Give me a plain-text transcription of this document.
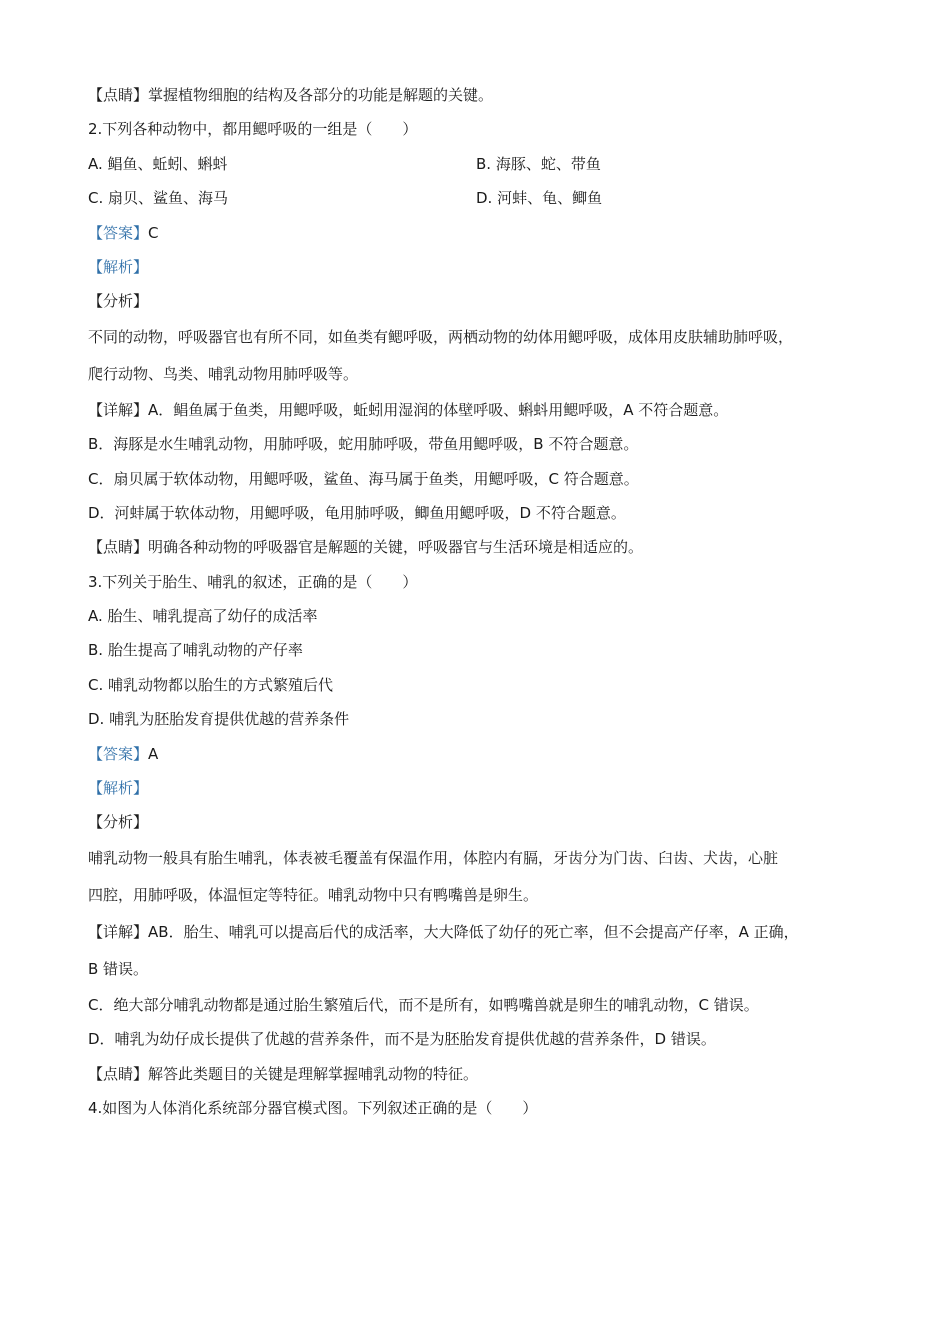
【点睛】掌握植物细胞的结构及各部分的功能是解题的关键。
2.下列各种动物中，都用鳃呼吸的一组是（　　）
A. 鲳鱼、蚯蚓、蝌蚪	B. 海豚、蛇、带鱼
C. 扇贝、鲨鱼、海马	D. 河蚌、龟、鲫鱼
【答案】C
【解析】
【分析】
不同的动物，呼吸器官也有所不同，如鱼类有鳃呼吸，两栖动物的幼体用鳃呼吸，成体用皮肤辅助肺呼吸，
爬行动物、鸟类、哺乳动物用肺呼吸等。
【详解】A．鲳鱼属于鱼类，用鳃呼吸，蚯蚓用湿润的体壁呼吸、蝌蚪用鳃呼吸，A 不符合题意。
B．海豚是水生哺乳动物，用肺呼吸，蛇用肺呼吸，带鱼用鳃呼吸，B 不符合题意。
C．扇贝属于软体动物，用鳃呼吸，鲨鱼、海马属于鱼类，用鳃呼吸，C 符合题意。
D．河蚌属于软体动物，用鳃呼吸，龟用肺呼吸，鲫鱼用鳃呼吸，D 不符合题意。
【点睛】明确各种动物的呼吸器官是解题的关键，呼吸器官与生活环境是相适应的。
3.下列关于胎生、哺乳的叙述，正确的是（　　）
A. 胎生、哺乳提高了幼仔的成活率
B. 胎生提高了哺乳动物的产仔率
C. 哺乳动物都以胎生的方式繁殖后代
D. 哺乳为胚胎发育提供优越的营养条件
【答案】A
【解析】
【分析】
哺乳动物一般具有胎生哺乳，体表被毛覆盖有保温作用，体腔内有膈，牙齿分为门齿、臼齿、犬齿，心脏
四腔，用肺呼吸，体温恒定等特征。哺乳动物中只有鸭嘴兽是卵生。
【详解】AB．胎生、哺乳可以提高后代的成活率，大大降低了幼仔的死亡率，但不会提高产仔率，A 正确，
B 错误。
C．绝大部分哺乳动物都是通过胎生繁殖后代，而不是所有，如鸭嘴兽就是卵生的哺乳动物，C 错误。
D．哺乳为幼仔成长提供了优越的营养条件，而不是为胚胎发育提供优越的营养条件，D 错误。
【点睛】解答此类题目的关键是理解掌握哺乳动物的特征。
4.如图为人体消化系统部分器官模式图。下列叙述正确的是（　　）
